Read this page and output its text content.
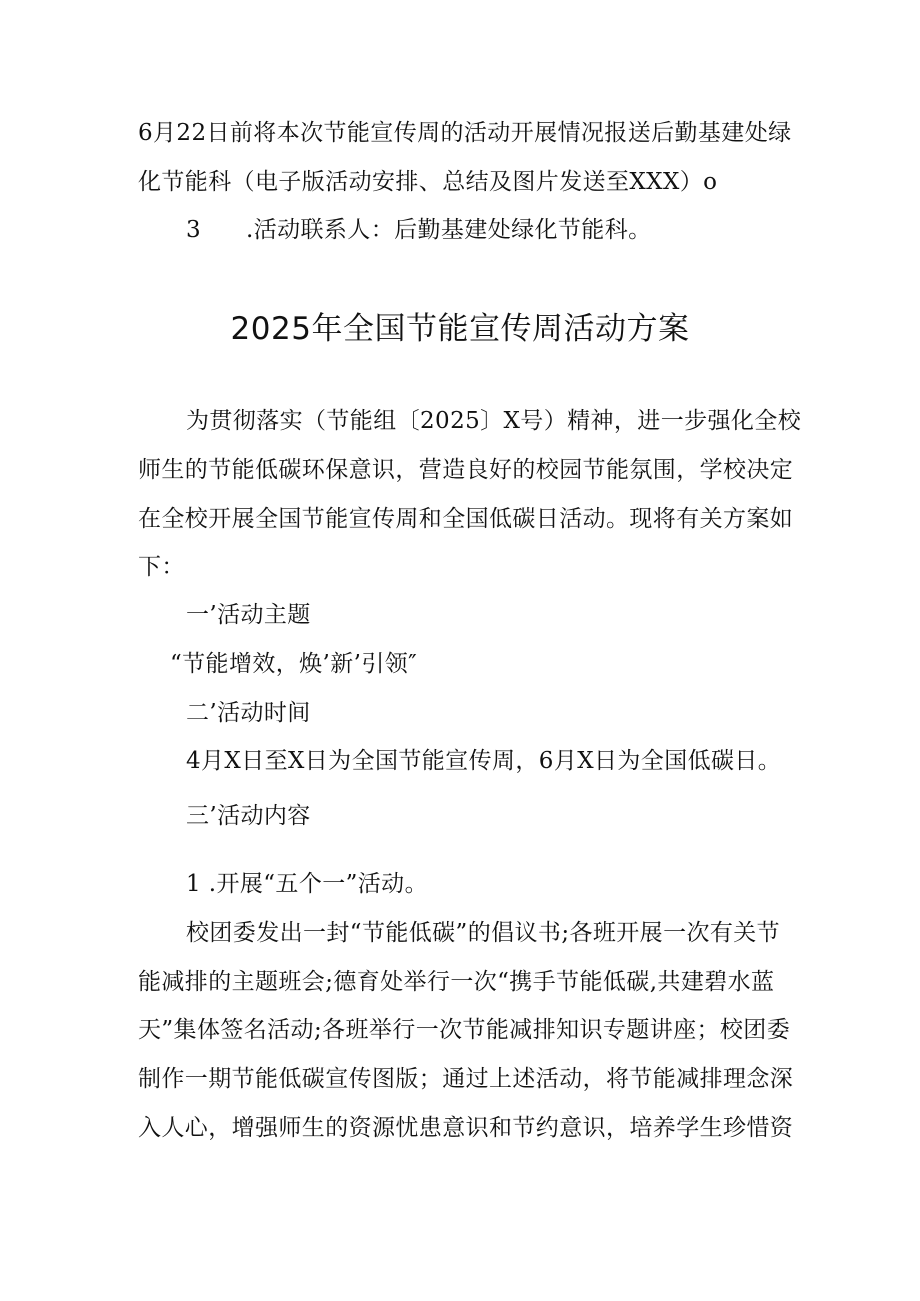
6月22日前将本次节能宣传周的活动开展情况报送后勤基建处绿
化节能科（电子版活动安排、总结及图片发送至XXX）o
3 .活动联系人：后勤基建处绿化节能科。
2025年全国节能宣传周活动方案
为贯彻落实（节能组〔2025〕X号）精神，进一步强化全校
师生的节能低碳环保意识，营造良好的校园节能氛围，学校决定
在全校开展全国节能宣传周和全国低碳日活动。现将有关方案如
下：
一’活动主题
“节能增效，焕’新’引领″
二’活动时间
4月X日至X日为全国节能宣传周，6月X日为全国低碳日。
三’活动内容
1 .开展“五个一”活动。
校团委发出一封“节能低碳”的倡议书;各班开展一次有关节
能减排的主题班会;德育处举行一次“携手节能低碳,共建碧水蓝
天”集体签名活动;各班举行一次节能减排知识专题讲座；校团委
制作一期节能低碳宣传图版；通过上述活动，将节能减排理念深
入人心，增强师生的资源忧患意识和节约意识，培养学生珍惜资
